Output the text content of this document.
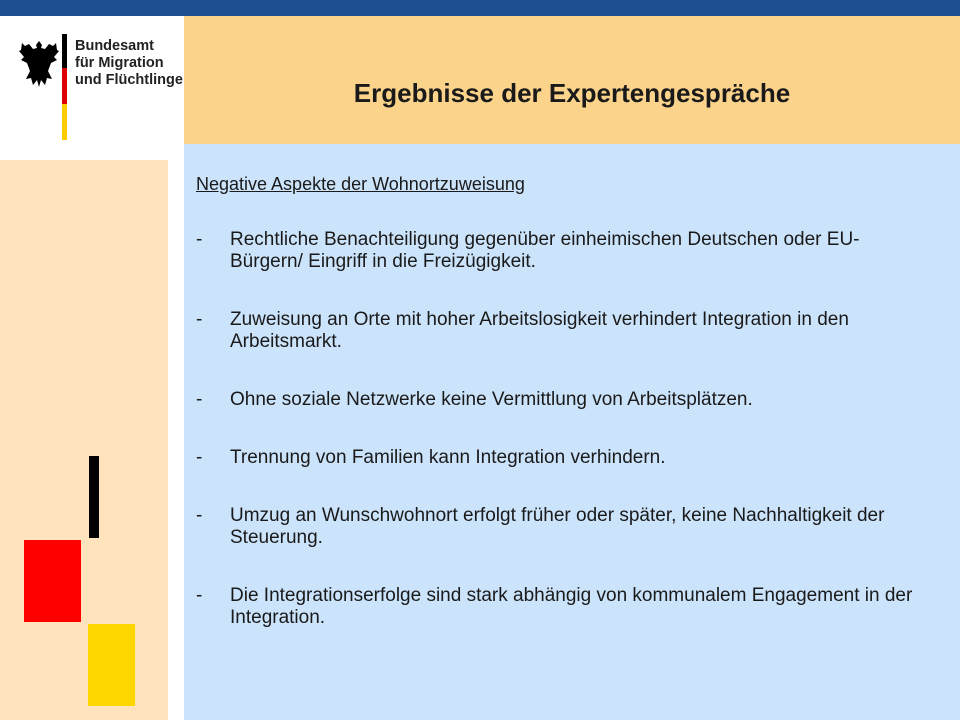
Bundesamt
für Migration
und Flüchtlinge	Ergebnisse der Expertengespräche
Negative Aspekte der Wohnortzuweisung
-	Rechtliche Benachteiligung gegenüber einheimischen Deutschen oder EU-Bürgern/ Eingriff in die Freizügigkeit.
-	Zuweisung an Orte mit hoher Arbeitslosigkeit verhindert Integration in den Arbeitsmarkt.
-	Ohne soziale Netzwerke keine Vermittlung von Arbeitsplätzen.
-	Trennung von Familien kann Integration verhindern.
-	Umzug an Wunschwohnort erfolgt früher oder später, keine Nachhaltigkeit der Steuerung.
-	Die Integrationserfolge sind stark abhängig von kommunalem Engagement in der Integration.
